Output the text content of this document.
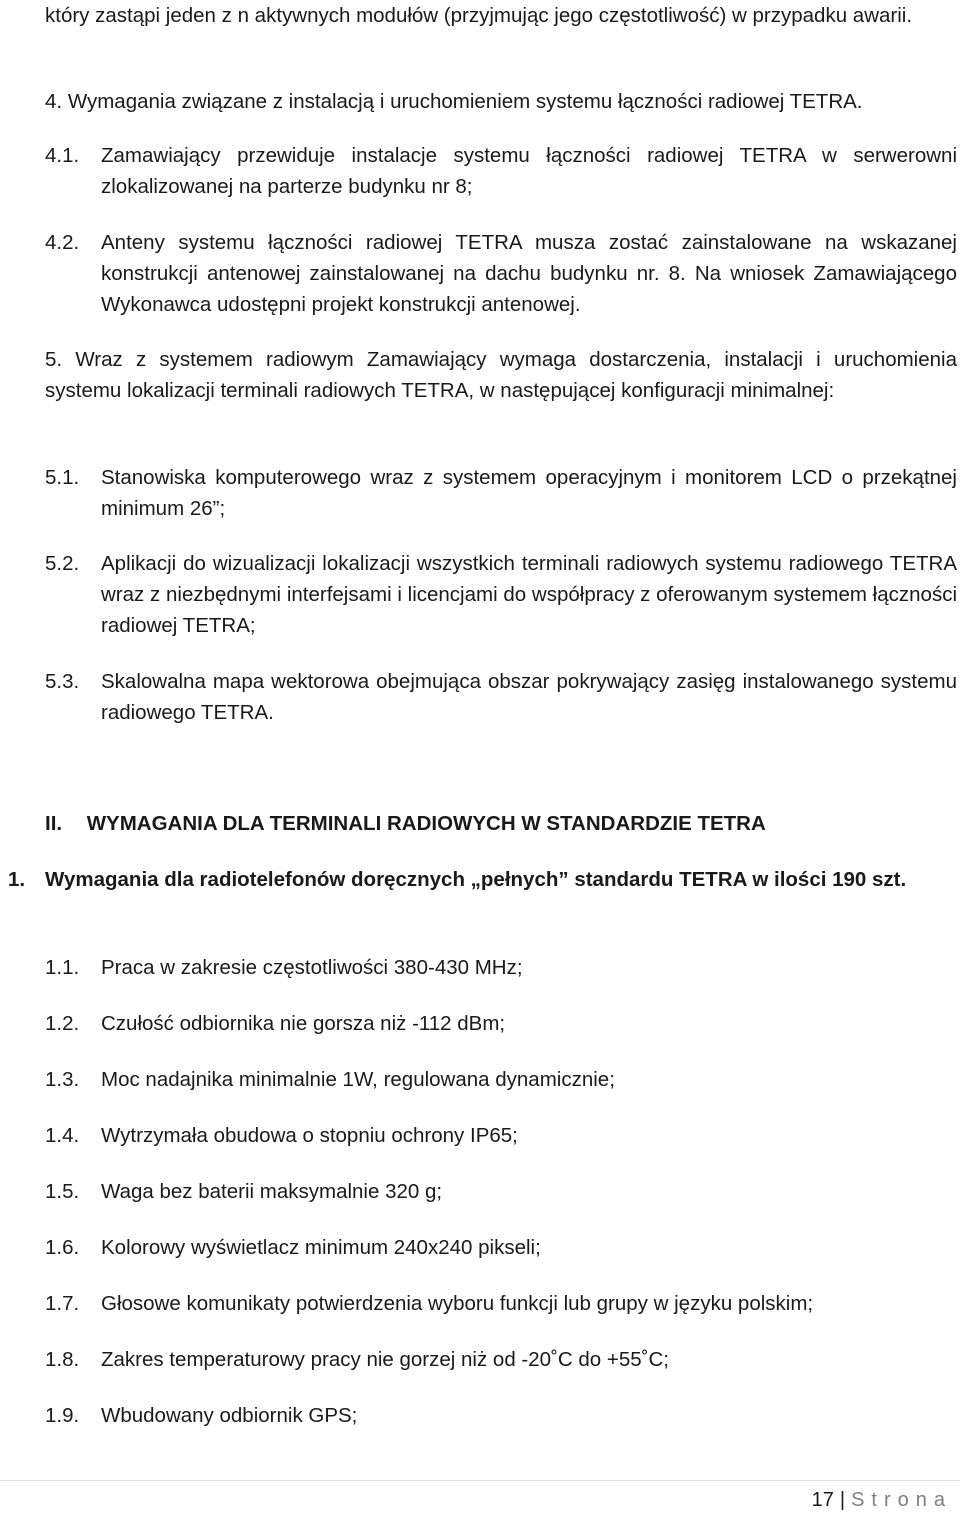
który zastąpi jeden z n aktywnych modułów (przyjmując jego częstotliwość) w przypadku awarii.
4. Wymagania związane z instalacją i uruchomieniem systemu łączności radiowej TETRA.
4.1. Zamawiający przewiduje instalacje systemu łączności radiowej TETRA w serwerowni zlokalizowanej na parterze budynku nr 8;
4.2. Anteny systemu łączności radiowej TETRA musza zostać zainstalowane na wskazanej konstrukcji antenowej zainstalowanej na dachu budynku nr. 8. Na wniosek Zamawiającego Wykonawca udostępni projekt konstrukcji antenowej.
5. Wraz z systemem radiowym Zamawiający wymaga dostarczenia, instalacji i uruchomienia systemu lokalizacji terminali radiowych TETRA, w następującej konfiguracji minimalnej:
5.1. Stanowiska komputerowego wraz z systemem operacyjnym i monitorem LCD o przekątnej minimum 26”;
5.2. Aplikacji do wizualizacji lokalizacji wszystkich terminali radiowych systemu radiowego TETRA wraz z niezbędnymi interfejsami i licencjami do współpracy z oferowanym systemem łączności radiowej TETRA;
5.3. Skalowalna mapa wektorowa obejmująca obszar pokrywający zasięg instalowanego systemu radiowego TETRA.
II. WYMAGANIA DLA TERMINALI RADIOWYCH W STANDARDZIE TETRA
1. Wymagania dla radiotelefonów doręcznych „pełnych” standardu TETRA w ilości 190 szt.
1.1. Praca w zakresie częstotliwości 380-430 MHz;
1.2. Czułość odbiornika nie gorsza niż -112 dBm;
1.3. Moc nadajnika minimalnie 1W, regulowana dynamicznie;
1.4. Wytrzymała obudowa o stopniu ochrony IP65;
1.5. Waga bez baterii maksymalnie 320 g;
1.6. Kolorowy wyświetlacz minimum 240x240 pikseli;
1.7. Głosowe komunikaty potwierdzenia wyboru funkcji lub grupy w języku polskim;
1.8. Zakres temperaturowy pracy nie gorzej niż od -20˚C do +55˚C;
1.9. Wbudowany odbiornik GPS;
17 | Strona
